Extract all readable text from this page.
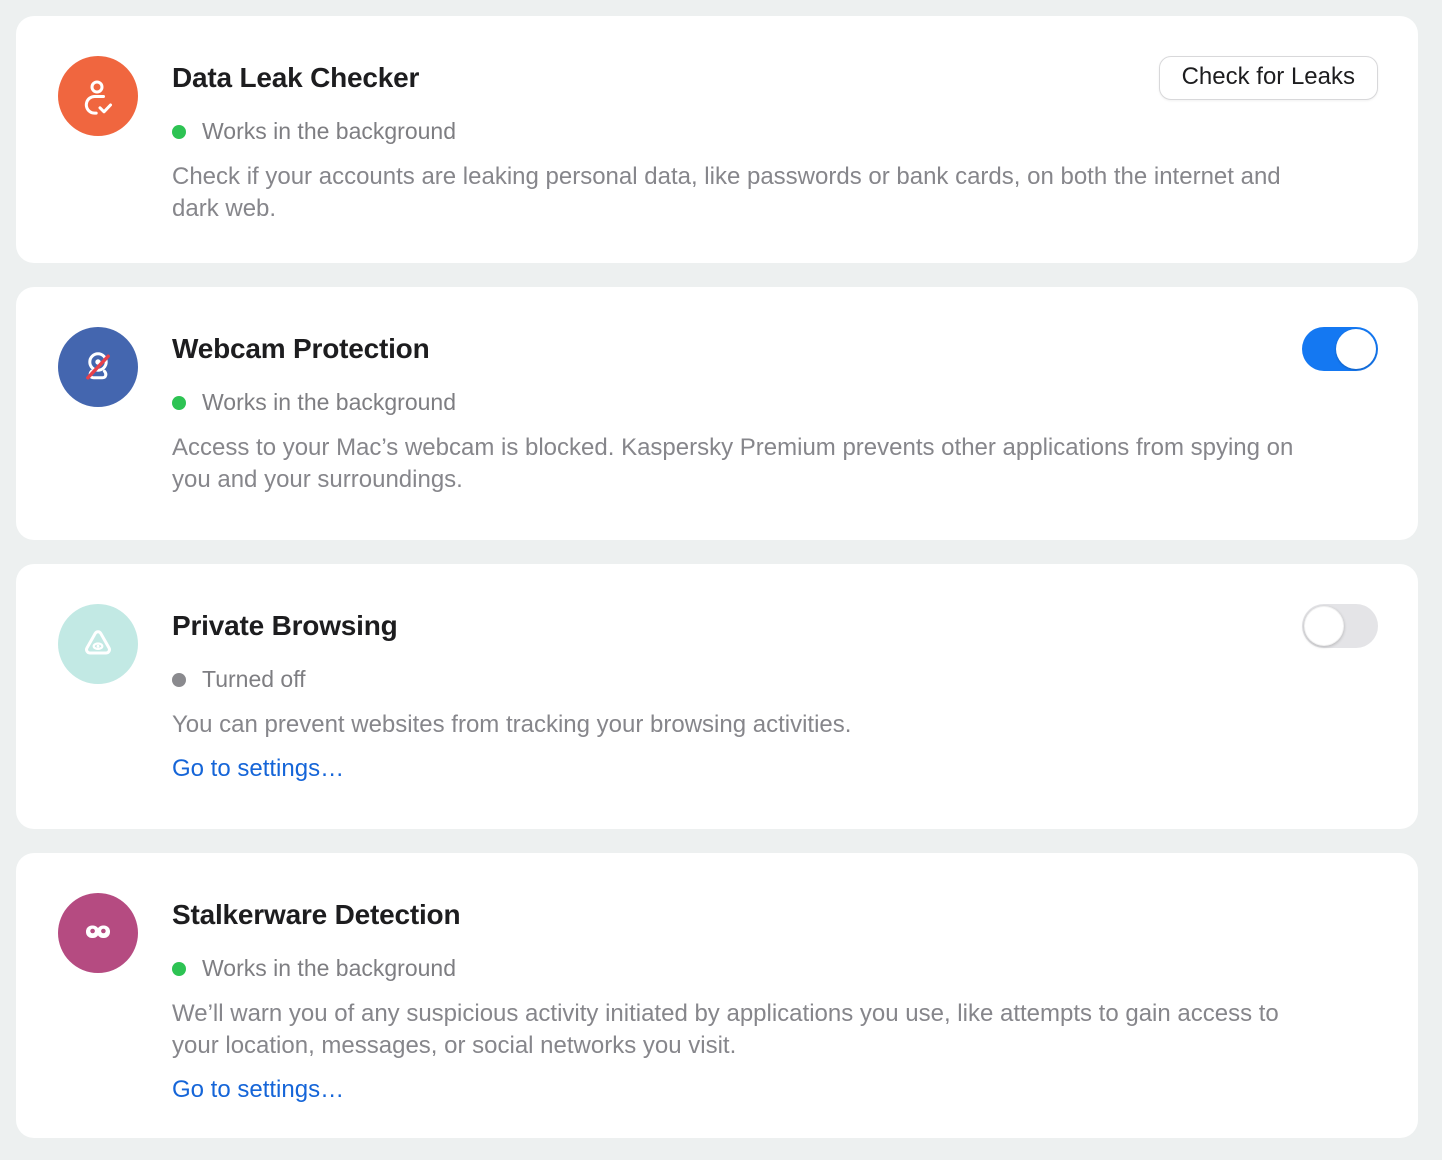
Data Leak Checker	Check for Leaks
Works in the background

Check if your accounts are leaking personal data, like passwords or bank cards, on both the internet and dark web.

Webcam Protection
Works in the background

Access to your Mac’s webcam is blocked. Kaspersky Premium prevents other applications from spying on you and your surroundings.

Private Browsing
Turned off

You can prevent websites from tracking your browsing activities.

Go to settings…
Stalkerware Detection
Works in the background

We’ll warn you of any suspicious activity initiated by applications you use, like attempts to gain access to your location, messages, or social networks you visit.

Go to settings…
